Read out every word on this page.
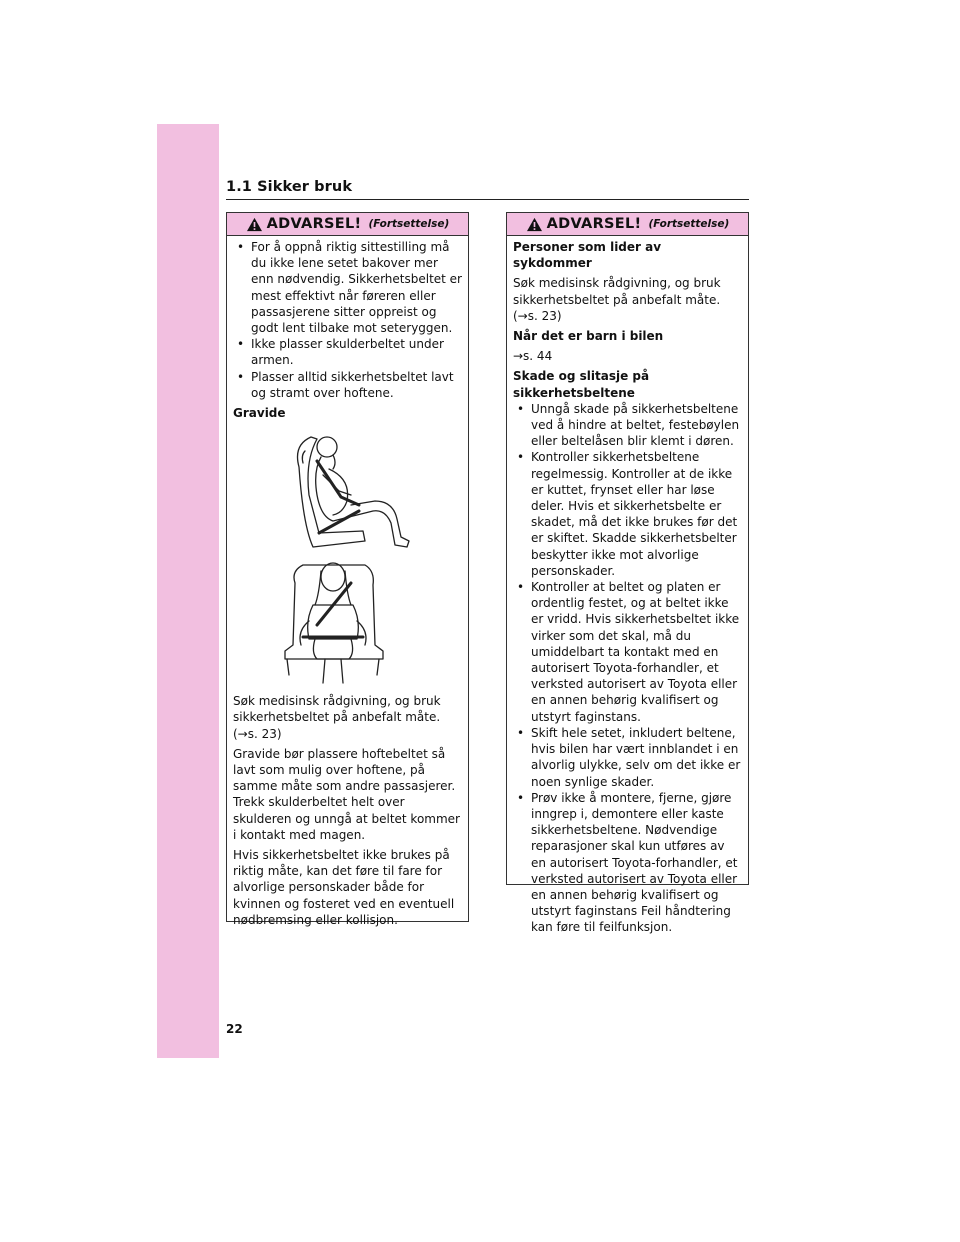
1.1 Sikker bruk
ADVARSEL! (Fortsettelse)
• For å oppnå riktig sittestilling må du ikke lene setet bakover mer enn nødvendig. Sikkerhetsbeltet er mest effektivt når føreren eller passasjerene sitter oppreist og godt lent tilbake mot seteryggen.
• Ikke plasser skulderbeltet under armen.
• Plasser alltid sikkerhetsbeltet lavt og stramt over hoftene.
Gravide

Søk medisinsk rådgivning, og bruk sikkerhetsbeltet på anbefalt måte. (→s. 23)

Gravide bør plassere hoftebeltet så lavt som mulig over hoftene, på samme måte som andre passasjerer. Trekk skulderbeltet helt over skulderen og unngå at beltet kommer i kontakt med magen.

Hvis sikkerhetsbeltet ikke brukes på riktig måte, kan det føre til fare for alvorlige personskader både for kvinnen og fosteret ved en eventuell nødbremsing eller kollisjon.

ADVARSEL! (Fortsettelse)
Personer som lider av sykdommer

Søk medisinsk rådgivning, og bruk sikkerhetsbeltet på anbefalt måte. (→s. 23)

Når det er barn i bilen

→s. 44

Skade og slitasje på sikkerhetsbeltene
• Unngå skade på sikkerhetsbeltene ved å hindre at beltet, festebøylen eller beltelåsen blir klemt i døren.
• Kontroller sikkerhetsbeltene regelmessig. Kontroller at de ikke er kuttet, frynset eller har løse deler. Hvis et sikkerhetsbelte er skadet, må det ikke brukes før det er skiftet. Skadde sikkerhetsbelter beskytter ikke mot alvorlige personskader.
• Kontroller at beltet og platen er ordentlig festet, og at beltet ikke er vridd. Hvis sikkerhetsbeltet ikke virker som det skal, må du umiddelbart ta kontakt med en autorisert Toyota-forhandler, et verksted autorisert av Toyota eller en annen behørig kvalifisert og utstyrt faginstans.
• Skift hele setet, inkludert beltene, hvis bilen har vært innblandet i en alvorlig ulykke, selv om det ikke er noen synlige skader.
• Prøv ikke å montere, fjerne, gjøre inngrep i, demontere eller kaste sikkerhetsbeltene. Nødvendige reparasjoner skal kun utføres av en autorisert Toyota-forhandler, et verksted autorisert av Toyota eller en annen behørig kvalifisert og utstyrt faginstans Feil håndtering kan føre til feilfunksjon.
22
